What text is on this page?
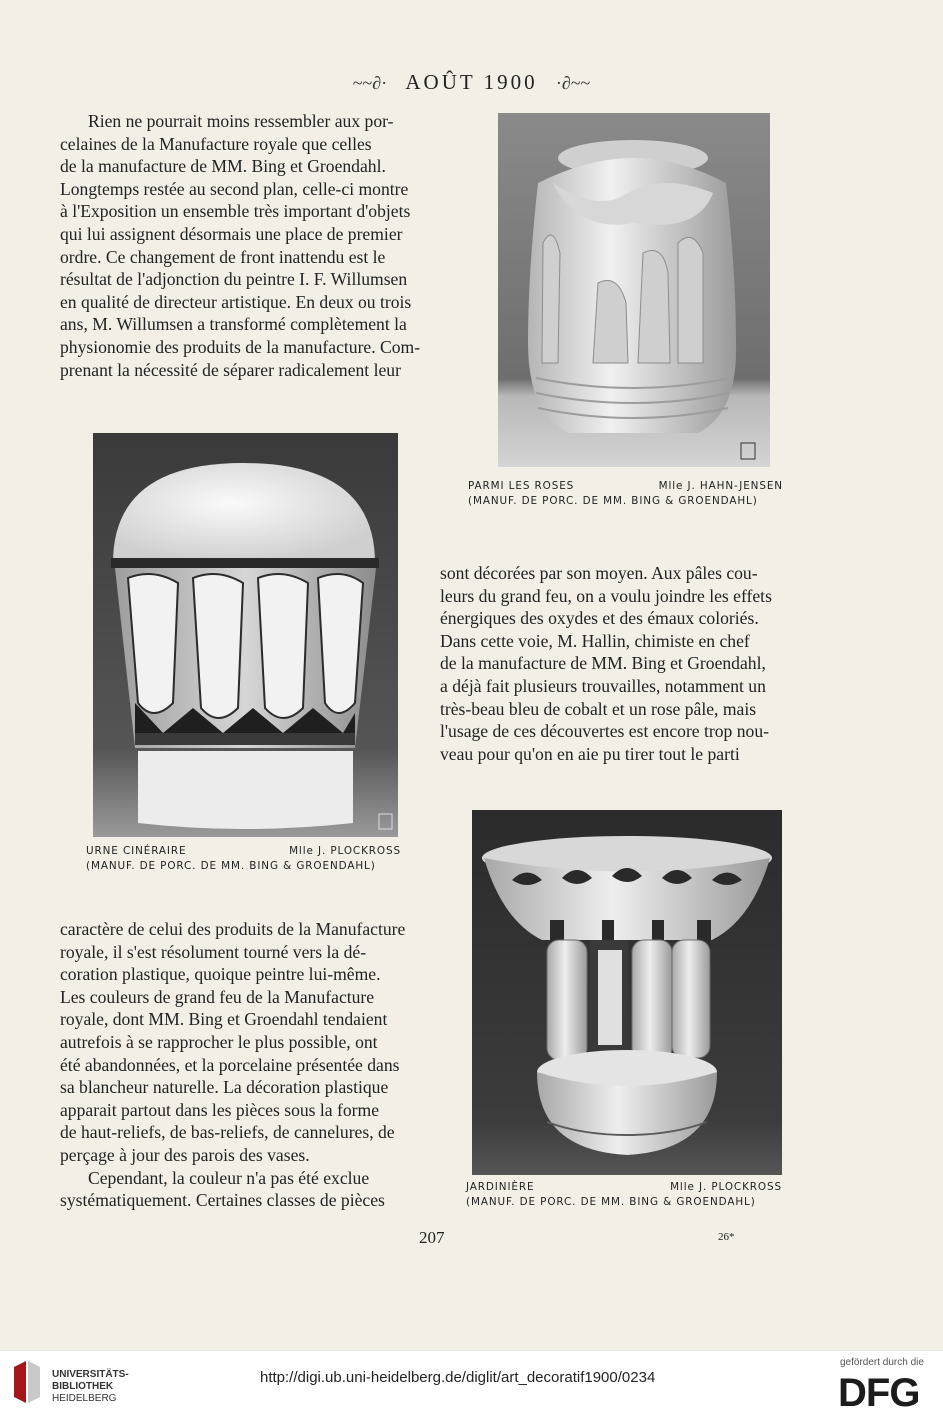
~~∂· AOÛT 1900 ·∂~~

Rien ne pourrait moins ressembler aux por-

celaines de la Manufacture royale que celles

de la manufacture de MM. Bing et Groendahl.

Longtemps restée au second plan, celle-ci montre

à l'Exposition un ensemble très important d'objets

qui lui assignent désormais une place de premier

ordre. Ce changement de front inattendu est le

résultat de l'adjonction du peintre I. F. Willumsen

en qualité de directeur artistique. En deux ou trois

ans, M. Willumsen a transformé complètement la

physionomie des produits de la manufacture. Com-

prenant la nécessité de séparer radicalement leur

PARMI LES ROSES	Mlle J. HAHN-JENSEN
(MANUF. DE PORC. DE MM. BING & GROENDAHL)
URNE CINÉRAIRE	Mlle J. PLOCKROSS
(MANUF. DE PORC. DE MM. BING & GROENDAHL)

sont décorées par son moyen. Aux pâles cou-

leurs du grand feu, on a voulu joindre les effets

énergiques des oxydes et des émaux coloriés.

Dans cette voie, M. Hallin, chimiste en chef

de la manufacture de MM. Bing et Groendahl,

a déjà fait plusieurs trouvailles, notamment un

très-beau bleu de cobalt et un rose pâle, mais

l'usage de ces découvertes est encore trop nou-

veau pour qu'on en aie pu tirer tout le parti

caractère de celui des produits de la Manufacture

royale, il s'est résolument tourné vers la dé-

coration plastique, quoique peintre lui-même.

Les couleurs de grand feu de la Manufacture

royale, dont MM. Bing et Groendahl tendaient

autrefois à se rapprocher le plus possible, ont

été abandonnées, et la porcelaine présentée dans

sa blancheur naturelle. La décoration plastique

apparait partout dans les pièces sous la forme

de haut-reliefs, de bas-reliefs, de cannelures, de

perçage à jour des parois des vases.

Cependant, la couleur n'a pas été exclue

systématiquement. Certaines classes de pièces

JARDINIÈRE	Mlle J. PLOCKROSS
(MANUF. DE PORC. DE MM. BING & GROENDAHL)
207	26*
UNIVERSITÄTS-
BIBLIOTHEK
HEIDELBERG
http://digi.ub.uni-heidelberg.de/diglit/art_decoratif1900/0234
gefördert durch die
DFG
